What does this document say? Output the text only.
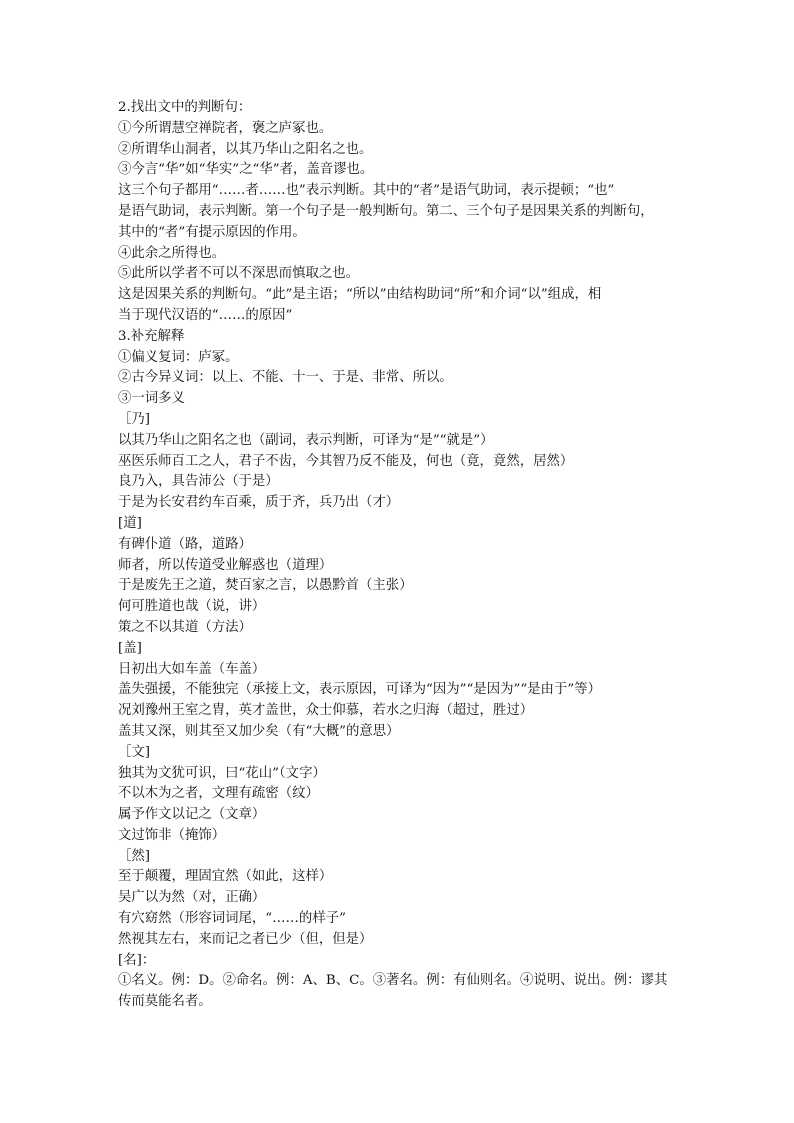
2.找出文中的判断句：
①今所谓慧空禅院者，褒之庐冢也。
②所谓华山洞者，以其乃华山之阳名之也。
③今言“华”如“华实”之“华”者，盖音谬也。
这三个句子都用“……者……也”表示判断。其中的“者”是语气助词，表示提顿；“也”
是语气助词，表示判断。第一个句子是一般判断句。第二、三个句子是因果关系的判断句，
其中的“者”有提示原因的作用。
④此余之所得也。
⑤此所以学者不可以不深思而慎取之也。
这是因果关系的判断句。“此”是主语；“所以”由结构助词“所”和介词“以”组成，相
当于现代汉语的“……的原因”
3.补充解释
①偏义复词：庐冢。
②古今异义词：以上、不能、十一、于是、非常、所以。
③一词多义
［乃]
以其乃华山之阳名之也（副词，表示判断，可译为“是”“就是”）
巫医乐师百工之人，君子不齿，今其智乃反不能及，何也（竟，竟然，居然）
良乃入，具告沛公（于是）
于是为长安君约车百乘，质于齐，兵乃出（才）
[道]
有碑仆道（路，道路）
师者，所以传道受业解惑也（道理）
于是废先王之道，焚百家之言，以愚黔首（主张）
何可胜道也哉（说，讲）
策之不以其道（方法）
[盖]
日初出大如车盖（车盖）
盖失强援，不能独完（承接上文，表示原因，可译为“因为”“是因为”“是由于”等）
况刘豫州王室之胄，英才盖世，众士仰慕，若水之归海（超过，胜过）
盖其又深，则其至又加少矣（有“大概”的意思）
［文]
独其为文犹可识，曰“花山”（文字）
不以木为之者，文理有疏密（纹）
属予作文以记之（文章）
文过饰非（掩饰）
［然]
至于颠覆，理固宜然（如此，这样）
吴广以为然（对，正确）
有穴窈然（形容词词尾，“……的样子”
然视其左右，来而记之者已少（但，但是）
[名]：
①名义。例：D。②命名。例：A、B、C。③著名。例：有仙则名。④说明、说出。例：谬其
传而莫能名者。
